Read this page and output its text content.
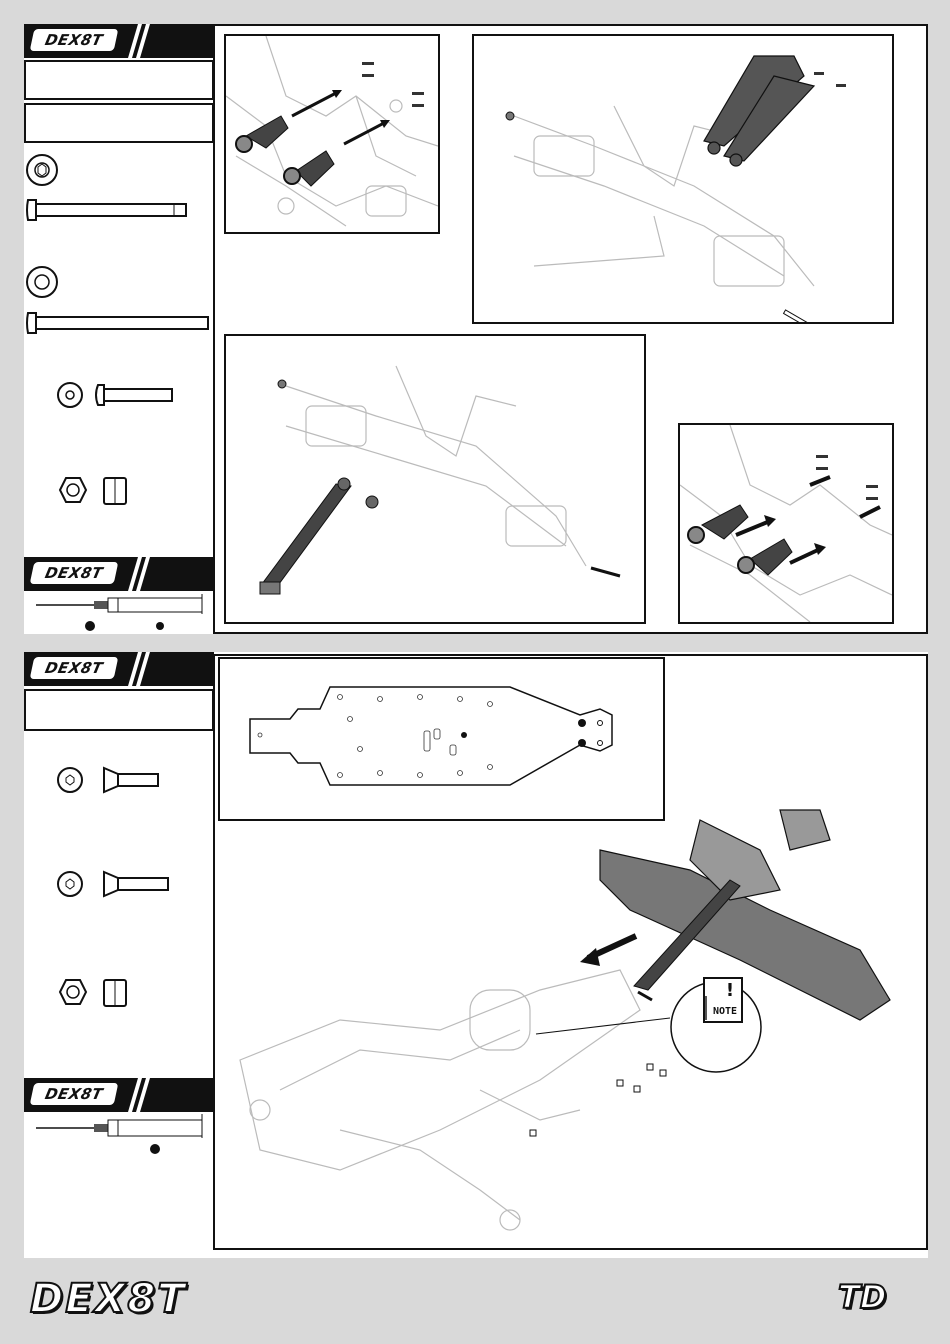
DEX8T
DEX8T
DEX8T
DEX8T
!
NOTE
DEX8T	TD
